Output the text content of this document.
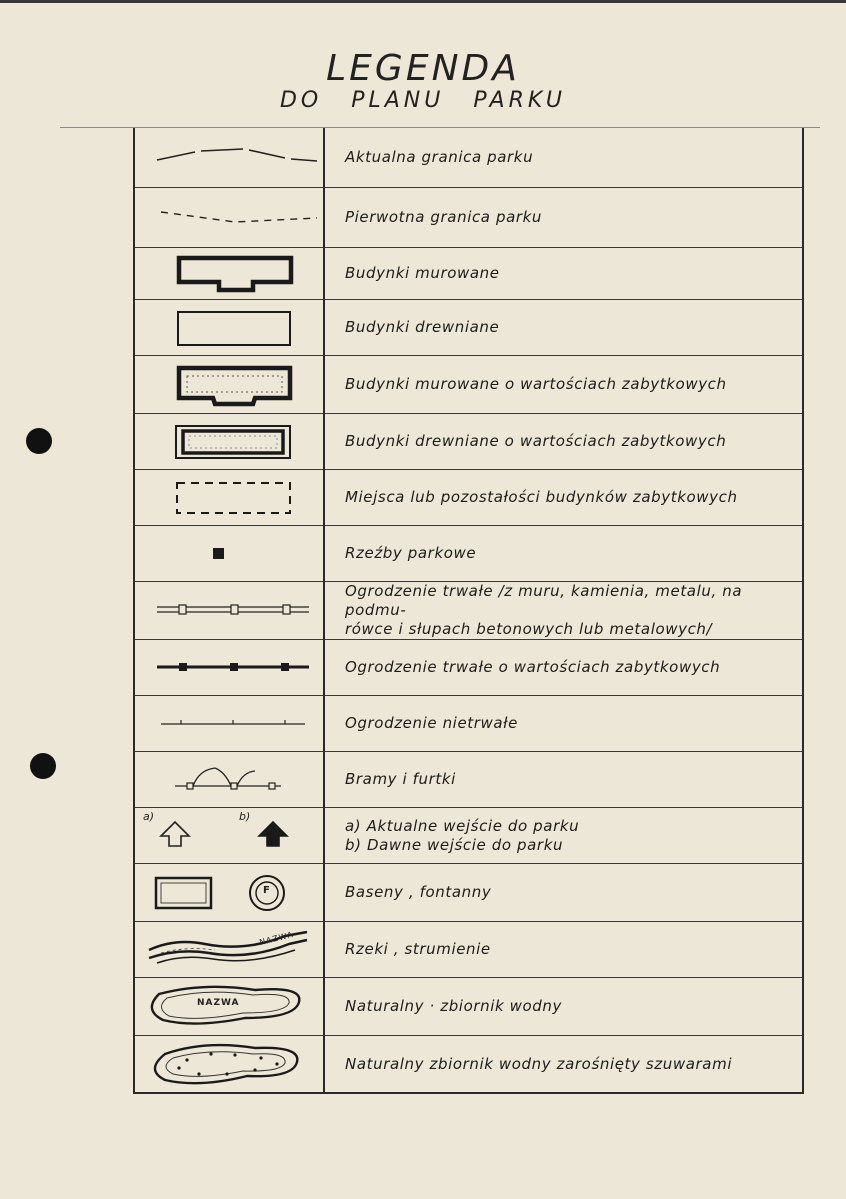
LEGENDA
DO PLANU PARKU
Aktualna granica parku
Pierwotna granica parku
Budynki murowane
Budynki drewniane
Budynki murowane o wartościach zabytkowych
Budynki drewniane o wartościach zabytkowych
Miejsca lub pozostałości budynków zabytkowych
Rzeźby parkowe
Ogrodzenie trwałe /z muru, kamienia, metalu, na podmu-
rówce i słupach betonowych lub metalowych/
Ogrodzenie trwałe o wartościach zabytkowych
Ogrodzenie nietrwałe
Bramy i furtki
a)	b)	a) Aktualne wejście do parku
b) Dawne wejście do parku
F	Baseny , fontanny
NAZWA
Rzeki , strumienie
NAZWA	Naturalny · zbiornik wodny
Naturalny zbiornik wodny zarośnięty szuwarami
